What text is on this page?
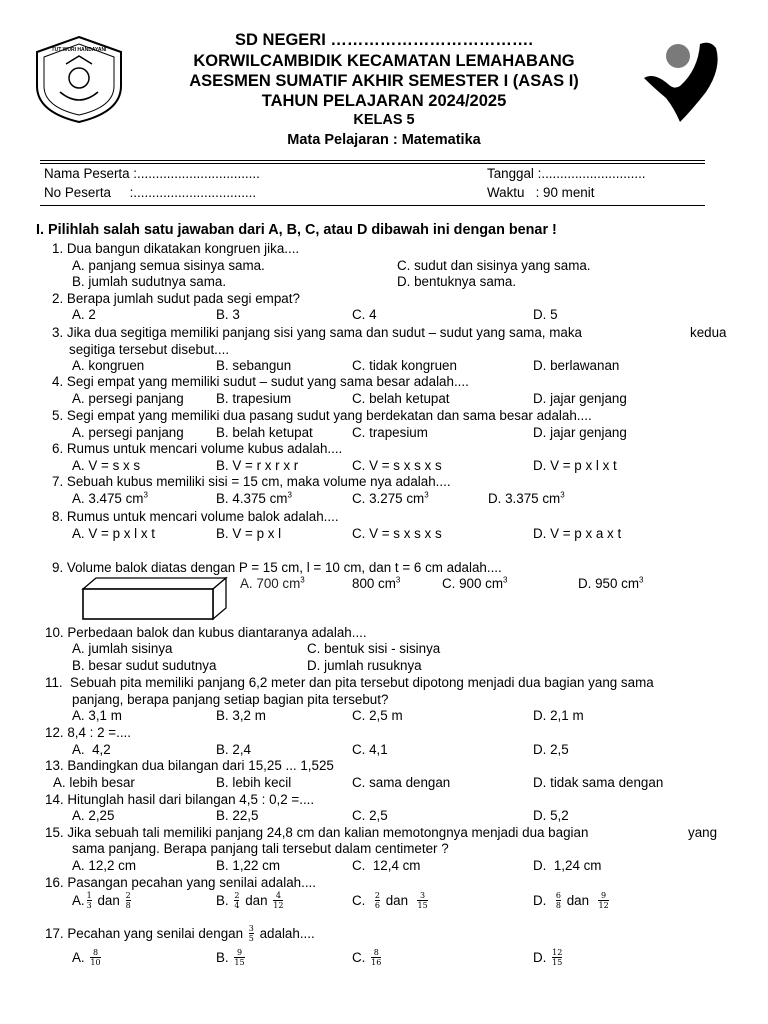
TUT WURI HANDAYANI
SD NEGERI ……………………………….
KORWILCAMBIDIK KECAMATAN LEMAHABANG
ASESMEN SUMATIF AKHIR SEMESTER I (ASAS I)
TAHUN PELAJARAN 2024/2025
KELAS 5
Mata Pelajaran : Matematika
Nama Peserta :.................................	Tanggal :............................
No Peserta     :.................................	Waktu   : 90 menit
I. Pilihlah salah satu jawaban dari A, B, C, atau D dibawah ini dengan benar !
1. Dua bangun dikatakan kongruen jika....
A. panjang semua sisinya sama.	C. sudut dan sisinya yang sama.
B. jumlah sudutnya sama.	D. bentuknya sama.
2. Berapa jumlah sudut pada segi empat?
A. 2	B. 3	C. 4	D. 5
3. Jika dua segitiga memiliki panjang sisi yang sama dan sudut – sudut yang sama, maka	kedua
segitiga tersebut disebut....
A. kongruen	B. sebangun	C. tidak kongruen	D. berlawanan
4. Segi empat yang memiliki sudut – sudut yang sama besar adalah....
A. persegi panjang B. trapesium	C. belah ketupat	D. jajar genjang
5. Segi empat yang memiliki dua pasang sudut yang berdekatan dan sama besar adalah....
A. persegi panjang B. belah ketupat	C. trapesium	D. jajar genjang
6. Rumus untuk mencari volume kubus adalah....
A. V = s x s	B. V = r x r x r	C. V = s x s x s	D. V = p x l x t
7. Sebuah kubus memiliki sisi = 15 cm, maka volume nya adalah....
A. 3.475 $cm^3$	B. 4.375 $cm^3$	C. 3.275 $cm^3$	D. 3.375 $cm^3$
8. Rumus untuk mencari volume balok adalah....
A. V = p x l x t	B. V = p x l	C. V = s x s x s	D. V = p x a x t
9. Volume balok diatas dengan P = 15 cm, l = 10 cm, dan t = 6 cm adalah....
A. 700 $cm^3$	800 $cm^3$	C. 900 $cm^3$	D. 950 $cm^3$
10. Perbedaan balok dan kubus diantaranya adalah....
A. jumlah sisinya	C. bentuk sisi - sisinya
B. besar sudut sudutnya	D. jumlah rusuknya
11.  Sebuah pita memiliki panjang 6,2 meter dan pita tersebut dipotong menjadi dua bagian yang sama
panjang, berapa panjang setiap bagian pita tersebut?
A. 3,1 m	B. 3,2 m	C. 2,5 m	D. 2,1 m
12. 8,4 : 2 =....
A.  4,2	B. 2,4	C. 4,1	D. 2,5
13. Bandingkan dua bilangan dari 15,25 ... 1,525
A. lebih besar	B. lebih kecil	C. sama dengan	D. tidak sama dengan
14. Hitunglah hasil dari bilangan 4,5 : 0,2 =....
A. 2,25	B. 22,5	C. 2,5	D. 5,2
15. Jika sebuah tali memiliki panjang 24,8 cm dan kalian memotongnya menjadi dua bagian	yang
sama panjang. Berapa panjang tali tersebut dalam centimeter ?
A. 12,2 cm	B. 1,22 cm	C.  12,4 cm	D.  1,24 cm
16. Pasangan pecahan yang senilai adalah....
A. $\frac{1}{3}$ dan $\frac{2}{8}$	B. $\frac{2}{4}$ dan $\frac{4}{12}$	C. $\frac{2}{6}$ dan $\frac{3}{15}$	D. $\frac{6}{8}$ dan $\frac{9}{12}$
17. Pecahan yang senilai dengan $\frac{3}{5}$ adalah....
A. $\frac{8}{10}$	B. $\frac{9}{15}$	C. $\frac{8}{16}$	D. $\frac{12}{15}$
